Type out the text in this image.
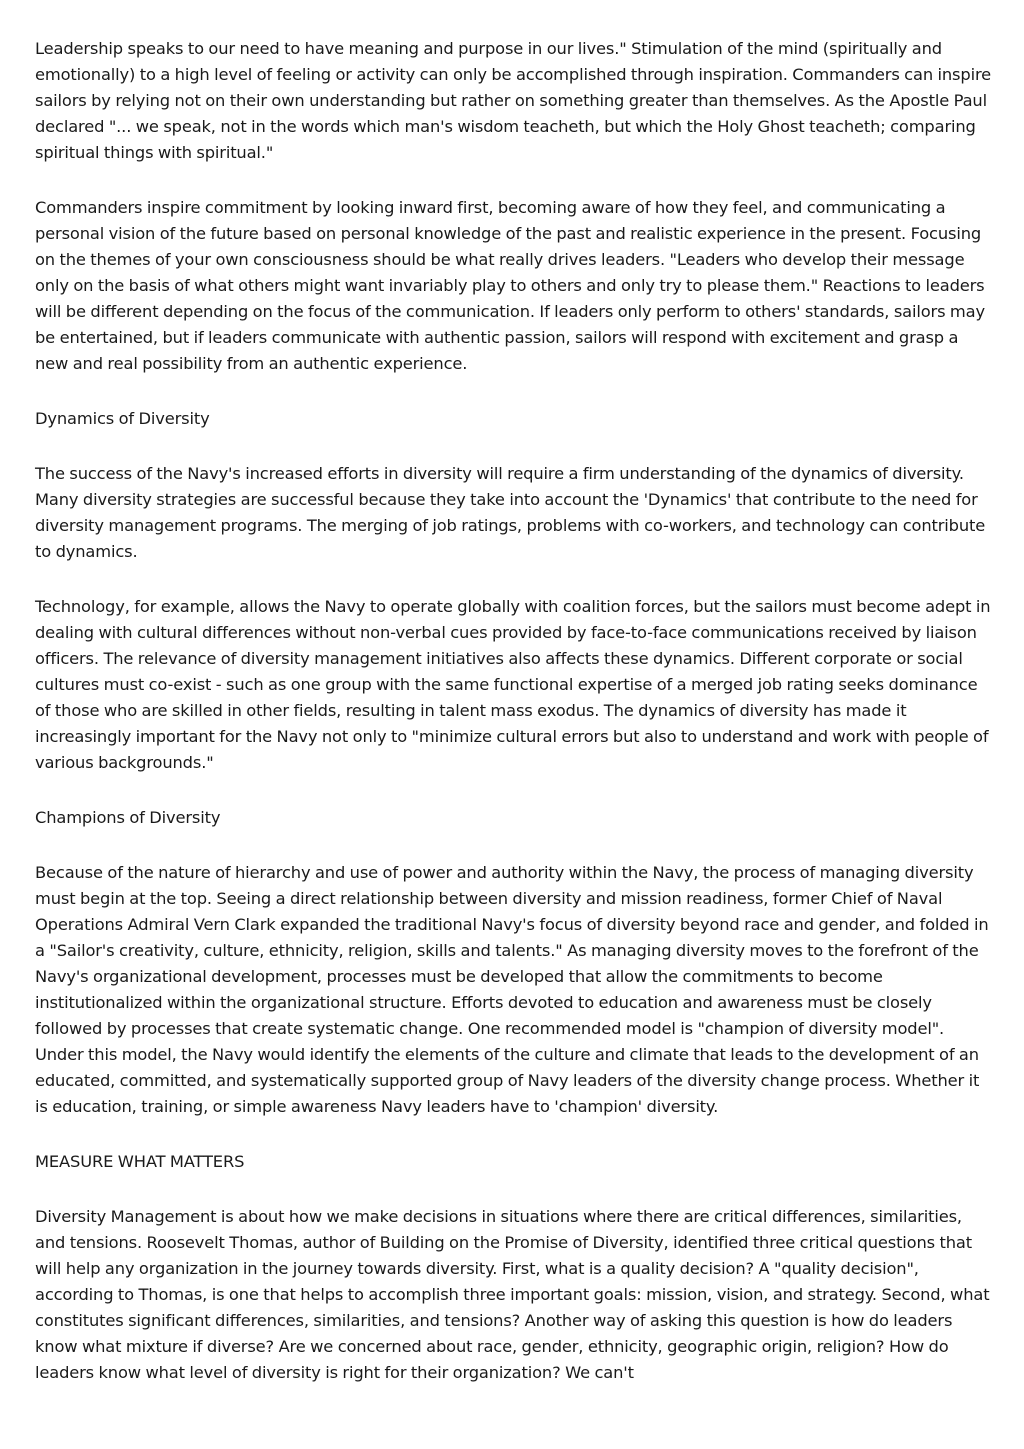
Leadership speaks to our need to have meaning and purpose in our lives." Stimulation of the mind (spiritually and emotionally) to a high level of feeling or activity can only be accomplished through inspiration. Commanders can inspire sailors by relying not on their own understanding but rather on something greater than themselves. As the Apostle Paul declared "... we speak, not in the words which man's wisdom teacheth, but which the Holy Ghost teacheth; comparing spiritual things with spiritual."

Commanders inspire commitment by looking inward first, becoming aware of how they feel, and communicating a personal vision of the future based on personal knowledge of the past and realistic experience in the present. Focusing on the themes of your own consciousness should be what really drives leaders. "Leaders who develop their message only on the basis of what others might want invariably play to others and only try to please them." Reactions to leaders will be different depending on the focus of the communication. If leaders only perform to others' standards, sailors may be entertained, but if leaders communicate with authentic passion, sailors will respond with excitement and grasp a new and real possibility from an authentic experience.

Dynamics of Diversity

The success of the Navy's increased efforts in diversity will require a firm understanding of the dynamics of diversity. Many diversity strategies are successful because they take into account the 'Dynamics' that contribute to the need for diversity management programs. The merging of job ratings, problems with co-workers, and technology can contribute to dynamics.

Technology, for example, allows the Navy to operate globally with coalition forces, but the sailors must become adept in dealing with cultural differences without non-verbal cues provided by face-to-face communications received by liaison officers. The relevance of diversity management initiatives also affects these dynamics. Different corporate or social cultures must co-exist - such as one group with the same functional expertise of a merged job rating seeks dominance of those who are skilled in other fields, resulting in talent mass exodus. The dynamics of diversity has made it increasingly important for the Navy not only to "minimize cultural errors but also to understand and work with people of various backgrounds."

Champions of Diversity

Because of the nature of hierarchy and use of power and authority within the Navy, the process of managing diversity must begin at the top. Seeing a direct relationship between diversity and mission readiness, former Chief of Naval Operations Admiral Vern Clark expanded the traditional Navy's focus of diversity beyond race and gender, and folded in a "Sailor's creativity, culture, ethnicity, religion, skills and talents." As managing diversity moves to the forefront of the Navy's organizational development, processes must be developed that allow the commitments to become institutionalized within the organizational structure. Efforts devoted to education and awareness must be closely followed by processes that create systematic change. One recommended model is "champion of diversity model". Under this model, the Navy would identify the elements of the culture and climate that leads to the development of an educated, committed, and systematically supported group of Navy leaders of the diversity change process. Whether it is education, training, or simple awareness Navy leaders have to 'champion' diversity.

MEASURE WHAT MATTERS

Diversity Management is about how we make decisions in situations where there are critical differences, similarities, and tensions. Roosevelt Thomas, author of Building on the Promise of Diversity, identified three critical questions that will help any organization in the journey towards diversity. First, what is a quality decision? A "quality decision", according to Thomas, is one that helps to accomplish three important goals: mission, vision, and strategy. Second, what constitutes significant differences, similarities, and tensions? Another way of asking this question is how do leaders know what mixture if diverse? Are we concerned about race, gender, ethnicity, geographic origin, religion? How do leaders know what level of diversity is right for their organization? We can't
